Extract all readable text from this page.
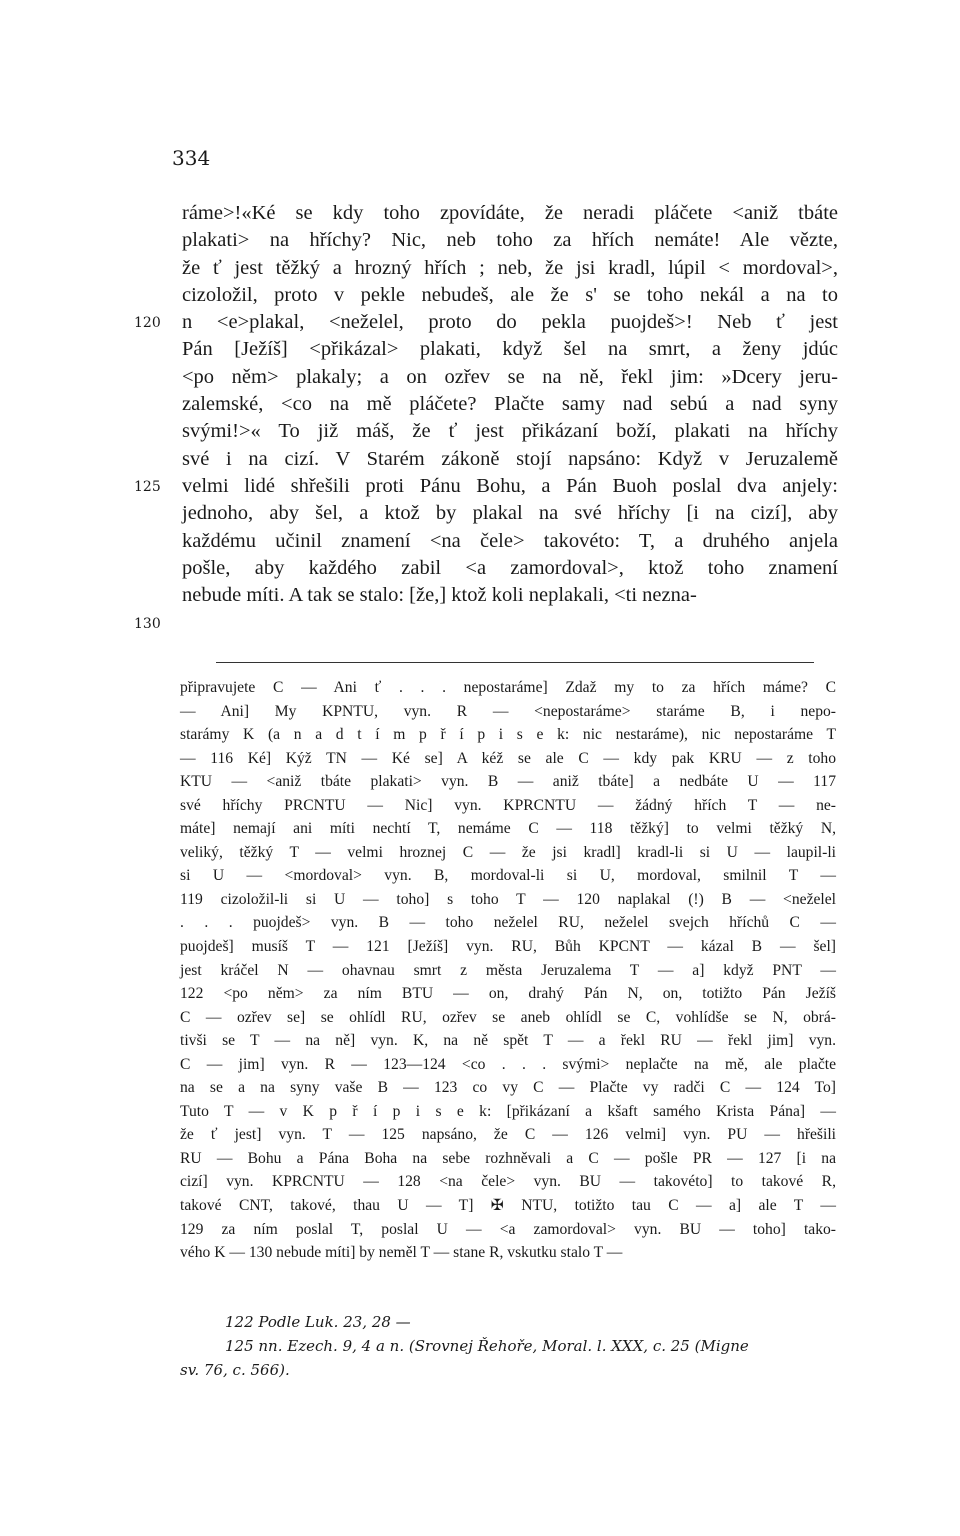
334
ráme>!«Ké se kdy toho zpovídáte, že neradi pláčete <aniž tbáte
plakati> na hříchy? Nic, neb toho za hřích nemáte! Ale vězte,
že ť jest těžký a hrozný hřích ; neb, že jsi kradl, lúpil < mordoval>,
cizoložil, proto v pekle nebudeš, ale že s' se toho nekál a na to
n <e>plakal, <neželel, proto do pekla puojdeš>! Neb ť jest
Pán [Ježíš] <přikázal> plakati, když šel na smrt, a ženy jdúc
<po něm> plakaly; a on ozřev se na ně, řekl jim: »Dcery jeru-
zalemské, <co na mě pláčete? Plačte samy nad sebú a nad syny
svými!>« To již máš, že ť jest přikázaní boží, plakati na hříchy
své i na cizí. V Starém zákoně stojí napsáno: Když v Jeruzalemě
velmi lidé shřešili proti Pánu Bohu, a Pán Buoh poslal dva anjely:
jednoho, aby šel, a ktož by plakal na své hříchy [i na cizí], aby
každému učinil znamení <na čele> takovéto: T, a druhého anjela
pošle, aby každého zabil <a zamordoval>, ktož toho znamení
nebude míti. A tak se stalo: [že,] ktož koli neplakali, <ti nezna-
120
125
130
připravujete C — Ani ť . . . nepostaráme] Zdaž my to za hřích máme? C
— Ani] My KPNTU, vyn. R — <nepostaráme> staráme B, i nepo-
starámy K (a n a d t í m p ř í p i s e k: nic nestaráme), nic nepostaráme T
— 116 Ké] Kýž TN — Ké se] A kéž se ale C — kdy pak KRU — z toho
KTU — <aniž tbáte plakati> vyn. B — aniž tbáte] a nedbáte U — 117
své hříchy PRCNTU — Nic] vyn. KPRCNTU — žádný hřích T — ne-
máte] nemají ani míti nechtí T, nemáme C — 118 těžký] to velmi těžký N,
veliký, těžký T — velmi hroznej C — že jsi kradl] kradl-li si U — laupil-li
si U — <mordoval> vyn. B, mordoval-li si U, mordoval, smilnil T —
119 cizoložil-li si U — toho] s toho T — 120 naplakal (!) B — <neželel
. . . puojdeš> vyn. B — toho neželel RU, neželel svejch hříchů C —
puojdeš] musíš T — 121 [Ježíš] vyn. RU, Bůh KPCNT — kázal B — šel]
jest kráčel N — ohavnau smrt z města Jeruzalema T — a] když PNT —
122 <po něm> za ním BTU — on, drahý Pán N, on, totižto Pán Ježíš
C — ozřev se] se ohlídl RU, ozřev se aneb ohlídl se C, vohlídše se N, obrá-
tivši se T — na ně] vyn. K, na ně spět T — a řekl RU — řekl jim] vyn.
C — jim] vyn. R — 123—124 <co . . . svými> neplačte na mě, ale plačte
na se a na syny vaše B — 123 co vy C — Plačte vy radči C — 124 To]
Tuto T — v K p ř í p i s e k: [přikázaní a kšaft samého Krista Pána] —
že ť jest] vyn. T — 125 napsáno, že C — 126 velmi] vyn. PU — hřešili
RU — Bohu a Pána Boha na sebe rozhněvali a C — pošle PR — 127 [i na
cizí] vyn. KPRCNTU — 128 <na čele> vyn. BU — takovéto] to takové R,
takové CNT, takové, thau U — T] ✠ NTU, totižto tau C — a] ale T —
129 za ním poslal T, poslal U — <a zamordoval> vyn. BU — toho] tako-
vého K — 130 nebude míti] by neměl T — stane R, vskutku stalo T —
122 Podle Luk. 23, 28 —
125 nn. Ezech. 9, 4 a n. (Srovnej Řehoře, Moral. l. XXX, c. 25 (Migne
sv. 76, c. 566).
